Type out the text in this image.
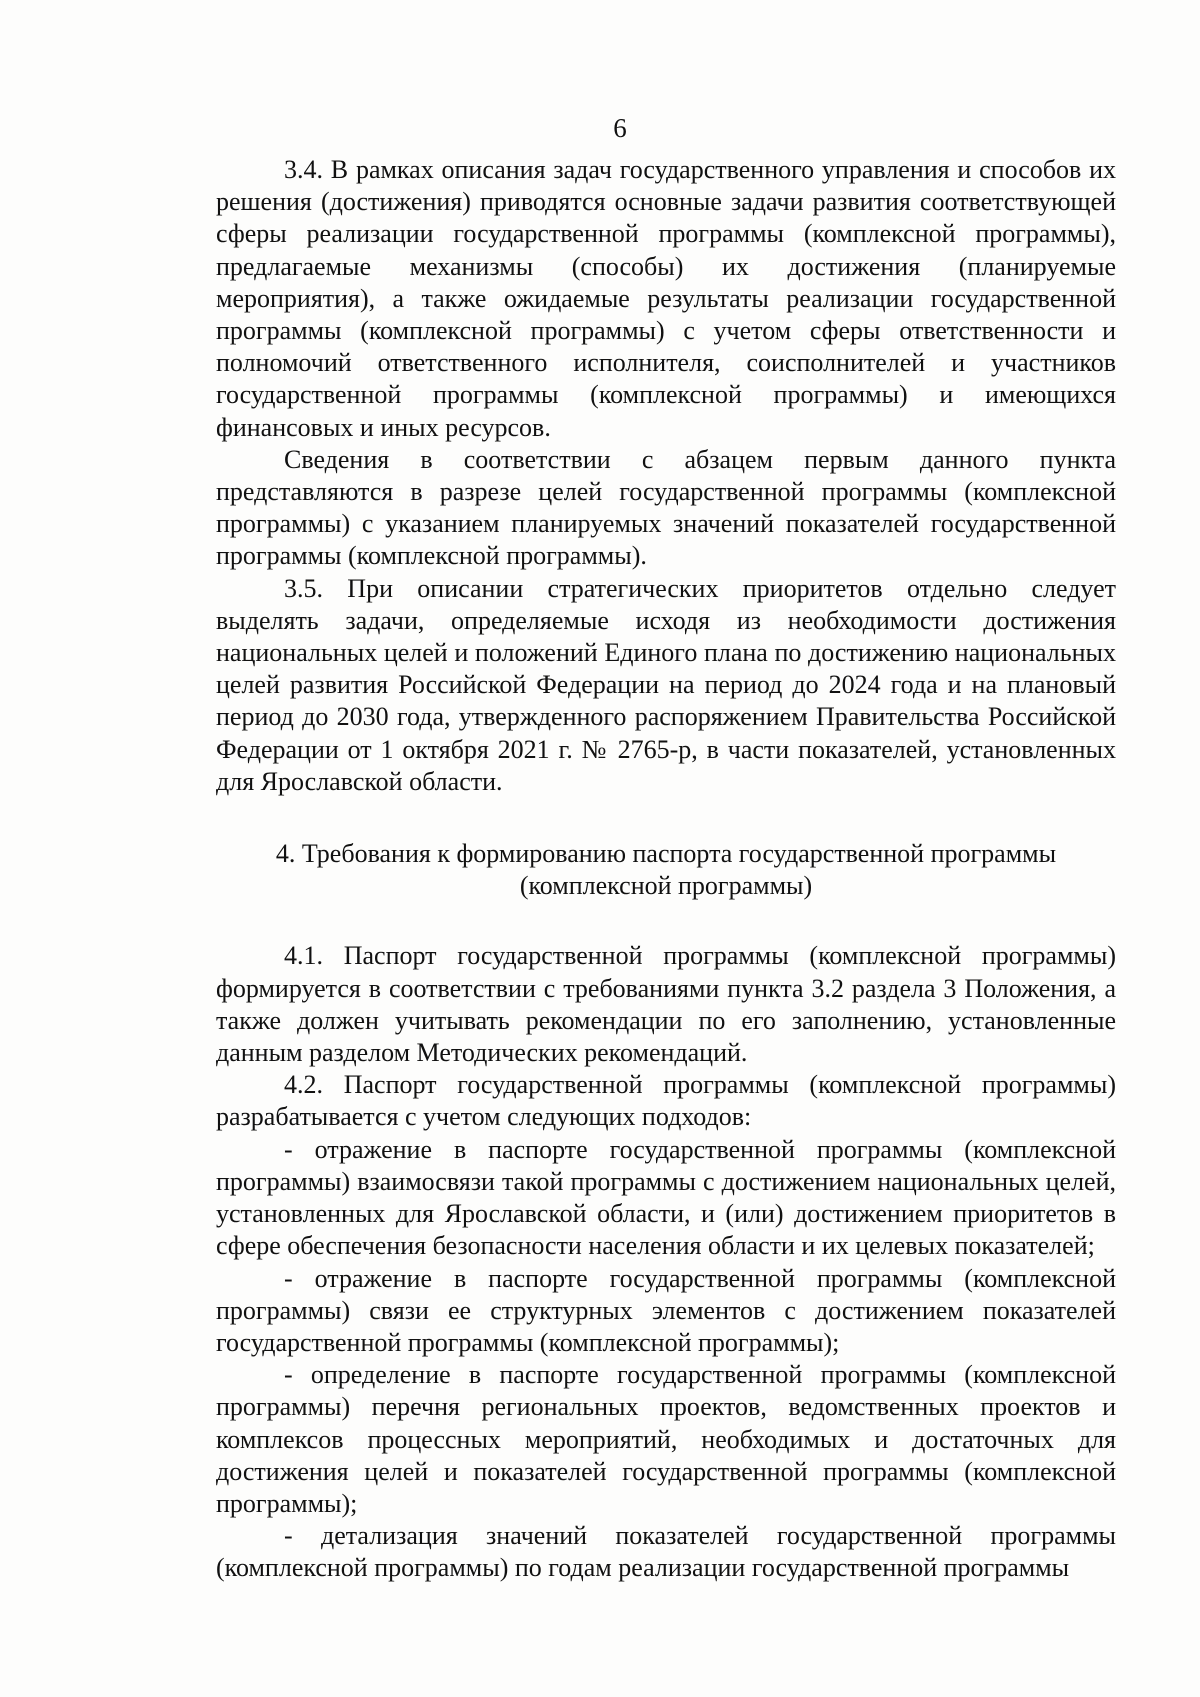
6

3.4. В рамках описания задач государственного управления и способов их решения (достижения) приводятся основные задачи развития соответствующей сферы реализации государственной программы (комплексной программы), предлагаемые механизмы (способы) их достижения (планируемые мероприятия), а также ожидаемые результаты реализации государственной программы (комплексной программы) с учетом сферы ответственности и полномочий ответственного исполнителя, соисполнителей и участников государственной программы (комплексной программы) и имеющихся финансовых и иных ресурсов.

Сведения в соответствии с абзацем первым данного пункта представляются в разрезе целей государственной программы (комплексной программы) с указанием планируемых значений показателей государственной программы (комплексной программы).

3.5. При описании стратегических приоритетов отдельно следует выделять задачи, определяемые исходя из необходимости достижения национальных целей и положений Единого плана по достижению национальных целей развития Российской Федерации на период до 2024 года и на плановый период до 2030 года, утвержденного распоряжением Правительства Российской Федерации от 1 октября 2021 г. № 2765-р, в части показателей, установленных для Ярославской области.

4. Требования к формированию паспорта государственной программы
(комплексной программы)

4.1. Паспорт государственной программы (комплексной программы) формируется в соответствии с требованиями пункта 3.2 раздела 3 Положения, а также должен учитывать рекомендации по его заполнению, установленные данным разделом Методических рекомендаций.

4.2. Паспорт государственной программы (комплексной программы) разрабатывается с учетом следующих подходов:

- отражение в паспорте государственной программы (комплексной программы) взаимосвязи такой программы с достижением национальных целей, установленных для Ярославской области, и (или) достижением приоритетов в сфере обеспечения безопасности населения области и их целевых показателей;

- отражение в паспорте государственной программы (комплексной программы) связи ее структурных элементов с достижением показателей государственной программы (комплексной программы);

- определение в паспорте государственной программы (комплексной программы) перечня региональных проектов, ведомственных проектов и комплексов процессных мероприятий, необходимых и достаточных для достижения целей и показателей государственной программы (комплексной программы);

- детализация значений показателей государственной программы (комплексной программы) по годам реализации государственной программы
